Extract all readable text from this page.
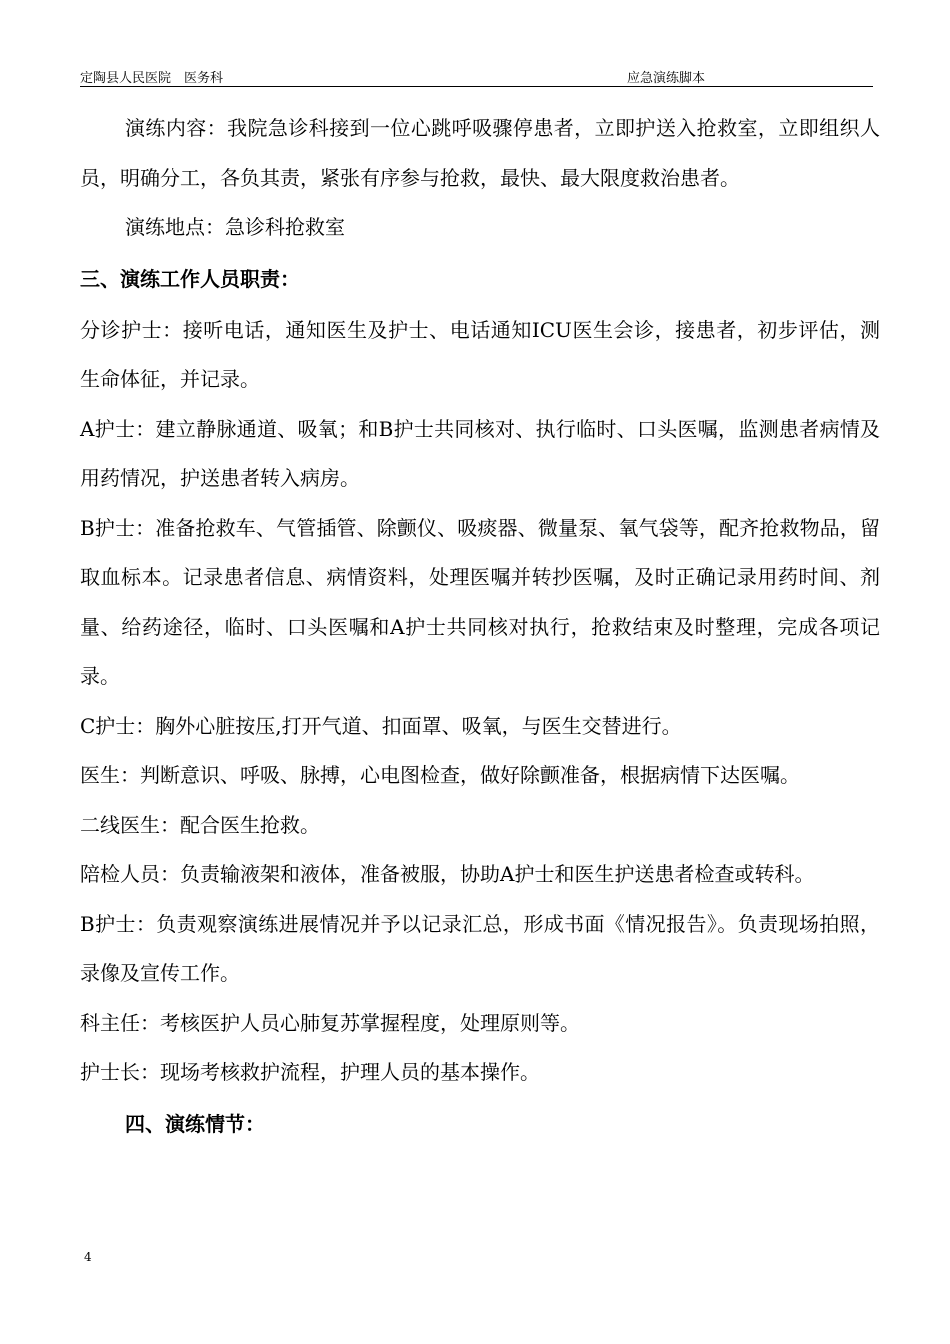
定陶县人民医院　医务科	应急演练脚本

演练内容：我院急诊科接到一位心跳呼吸骤停患者，立即护送入抢救室，立即组织人员，明确分工，各负其责，紧张有序参与抢救，最快、最大限度救治患者。

演练地点：急诊科抢救室

三、演练工作人员职责：

分诊护士：接听电话，通知医生及护士、电话通知ICU医生会诊，接患者，初步评估，测生命体征，并记录。

A护士：建立静脉通道、吸氧；和B护士共同核对、执行临时、口头医嘱，监测患者病情及用药情况，护送患者转入病房。

B护士：准备抢救车、气管插管、除颤仪、吸痰器、微量泵、氧气袋等，配齐抢救物品，留取血标本。记录患者信息、病情资料，处理医嘱并转抄医嘱，及时正确记录用药时间、剂量、给药途径，临时、口头医嘱和A护士共同核对执行，抢救结束及时整理，完成各项记录。

C护士：胸外心脏按压,打开气道、扣面罩、吸氧，与医生交替进行。

医生：判断意识、呼吸、脉搏，心电图检查，做好除颤准备，根据病情下达医嘱。

二线医生：配合医生抢救。

陪检人员：负责输液架和液体，准备被服，协助A护士和医生护送患者检查或转科。

B护士：负责观察演练进展情况并予以记录汇总，形成书面《情况报告》。负责现场拍照，录像及宣传工作。

科主任：考核医护人员心肺复苏掌握程度，处理原则等。

护士长：现场考核救护流程，护理人员的基本操作。

四、演练情节：

4
